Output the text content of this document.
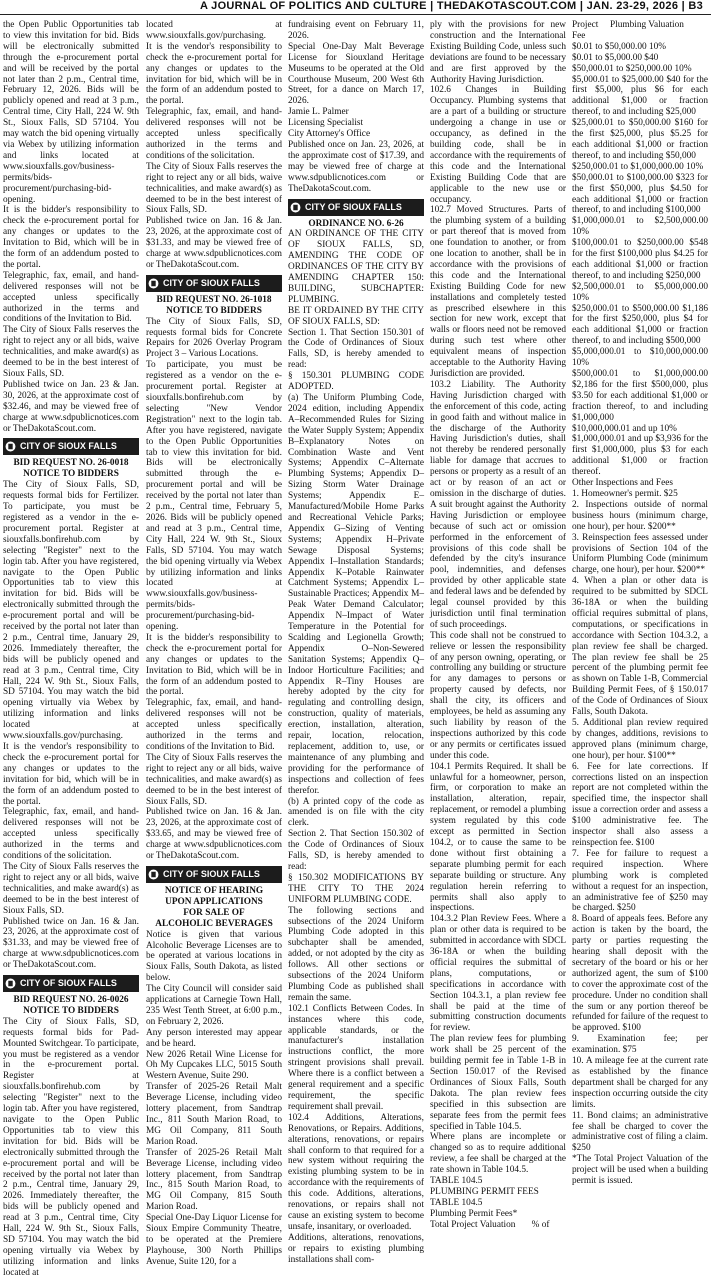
A JOURNAL OF POLITICS AND CULTURE | THEDAKOTASCOUT.COM | JAN. 23-29, 2026 | B3

the Open Public Opportunities tab to view this invitation for bid. Bids will be electronically submitted through the e-procurement portal and will be received by the portal not later than 2 p.m., Central time, February 12, 2026. Bids will be publicly opened and read at 3 p.m., Central time, City Hall, 224 W. 9th St., Sioux Falls, SD 57104. You may watch the bid opening virtually via Webex by utilizing information and links located at www.siouxfalls.gov/business-permits/bids-procurement/purchasing-bid-opening.

It is the bidder's responsibility to check the e-procurement portal for any changes or updates to the Invitation to Bid, which will be in the form of an addendum posted to the portal.

Telegraphic, fax, email, and hand-delivered responses will not be accepted unless specifically authorized in the terms and conditions of the Invitation to Bid.

The City of Sioux Falls reserves the right to reject any or all bids, waive technicalities, and make award(s) as deemed to be in the best interest of Sioux Falls, SD.

Published twice on Jan. 23 & Jan. 30, 2026, at the approximate cost of $32.46, and may be viewed free of charge at www.sdpublicnotices.com or TheDakotaScout.com.

CITY OF SIOUX FALLS

BID REQUEST NO. 26-0018

NOTICE TO BIDDERS

The City of Sioux Falls, SD, requests formal bids for Fertilizer. To participate, you must be registered as a vendor in the e-procurement portal. Register at siouxfalls.bonfirehub.com by selecting "Register" next to the login tab. After you have registered, navigate to the Open Public Opportunities tab to view this invitation for bid. Bids will be electronically submitted through the e-procurement portal and will be received by the portal not later than 2 p.m., Central time, January 29, 2026. Immediately thereafter, the bids will be publicly opened and read at 3 p.m., Central time, City Hall, 224 W. 9th St., Sioux Falls, SD 57104. You may watch the bid opening virtually via Webex by utilizing information and links located at www.siouxfalls.gov/purchasing.

It is the vendor's responsibility to check the e-procurement portal for any changes or updates to the invitation for bid, which will be in the form of an addendum posted to the portal.

Telegraphic, fax, email, and hand-delivered responses will not be accepted unless specifically authorized in the terms and conditions of the solicitation.

The City of Sioux Falls reserves the right to reject any or all bids, waive technicalities, and make award(s) as deemed to be in the best interest of Sioux Falls, SD.

Published twice on Jan. 16 & Jan. 23, 2026, at the approximate cost of $31.33, and may be viewed free of charge at www.sdpublicnotices.com or TheDakotaScout.com.

CITY OF SIOUX FALLS

BID REQUEST NO. 26-0026

NOTICE TO BIDDERS

The City of Sioux Falls, SD, requests formal bids for Pad-Mounted Switchgear. To participate, you must be registered as a vendor in the e-procurement portal. Register at siouxfalls.bonfirehub.com by selecting "Register" next to the login tab. After you have registered, navigate to the Open Public Opportunities tab to view this invitation for bid. Bids will be electronically submitted through the e-procurement portal and will be received by the portal not later than 2 p.m., Central time, January 29, 2026. Immediately thereafter, the bids will be publicly opened and read at 3 p.m., Central time, City Hall, 224 W. 9th St., Sioux Falls, SD 57104. You may watch the bid opening virtually via Webex by utilizing information and links located at

located at www.siouxfalls.gov/purchasing.

It is the vendor's responsibility to check the e-procurement portal for any changes or updates to the invitation for bid, which will be in the form of an addendum posted to the portal.

Telegraphic, fax, email, and hand-delivered responses will not be accepted unless specifically authorized in the terms and conditions of the solicitation.

The City of Sioux Falls reserves the right to reject any or all bids, waive technicalities, and make award(s) as deemed to be in the best interest of Sioux Falls, SD.

Published twice on Jan. 16 & Jan. 23, 2026, at the approximate cost of $31.33, and may be viewed free of charge at www.sdpublicnotices.com or TheDakotaScout.com.

CITY OF SIOUX FALLS

BID REQUEST NO. 26-1018

NOTICE TO BIDDERS

The City of Sioux Falls, SD, requests formal bids for Concrete Repairs for 2026 Overlay Program Project 3 – Various Locations.

To participate, you must be registered as a vendor on the e-procurement portal. Register at siouxfalls.bonfirehub.com by selecting "New Vendor Registration" next to the login tab. After you have registered, navigate to the Open Public Opportunities tab to view this invitation for bid. Bids will be electronically submitted through the e-procurement portal and will be received by the portal not later than 2 p.m., Central time, February 5, 2026. Bids will be publicly opened and read at 3 p.m., Central time, City Hall, 224 W. 9th St., Sioux Falls, SD 57104. You may watch the bid opening virtually via Webex by utilizing information and links located at www.siouxfalls.gov/business-permits/bids-procurement/purchasing-bid-opening.

It is the bidder's responsibility to check the e-procurement portal for any changes or updates to the Invitation to Bid, which will be in the form of an addendum posted to the portal.

Telegraphic, fax, email, and hand-delivered responses will not be accepted unless specifically authorized in the terms and conditions of the Invitation to Bid.

The City of Sioux Falls reserves the right to reject any or all bids, waive technicalities, and make award(s) as deemed to be in the best interest of Sioux Falls, SD.

Published twice on Jan. 16 & Jan. 23, 2026, at the approximate cost of $33.65, and may be viewed free of charge at www.sdpublicnotices.com or TheDakotaScout.com.

CITY OF SIOUX FALLS

NOTICE OF HEARING

UPON APPLICATIONS

FOR SALE OF

ALCOHOLIC BEVERAGES

Notice is given that various Alcoholic Beverage Licenses are to be operated at various locations in Sioux Falls, South Dakota, as listed below.

The City Council will consider said applications at Carnegie Town Hall, 235 West Tenth Street, at 6:00 p.m., on February 2, 2026.

Any person interested may appear and be heard.

New 2026 Retail Wine License for Oh My Cupcakes LLC, 5015 South Western Avenue, Suite 290.

Transfer of 2025-26 Retail Malt Beverage License, including video lottery placement, from Sandtrap Inc., 811 South Marion Road, to MG Oil Company, 811 South Marion Road.

Transfer of 2025-26 Retail Malt Beverage License, including video lottery placement, from Sandtrap Inc., 815 South Marion Road, to MG Oil Company, 815 South Marion Road.

Special One-Day Liquor License for Sioux Empire Community Theatre, to be operated at the Premiere Playhouse, 300 North Phillips Avenue, Suite 120, for a

fundraising event on February 11, 2026.

Special One-Day Malt Beverage License for Siouxland Heritage Museums to be operated at the Old Courthouse Museum, 200 West 6th Street, for a dance on March 17, 2026.

Jamie L. Palmer

Licensing Specialist

City Attorney's Office

Published once on Jan. 23, 2026, at the approximate cost of $17.39, and may be viewed free of charge at www.sdpublicnotices.com or TheDakotaScout.com.

CITY OF SIOUX FALLS

ORDINANCE NO. 6-26

AN ORDINANCE OF THE CITY OF SIOUX FALLS, SD, AMENDING THE CODE OF ORDINANCES OF THE CITY BY AMENDING CHAPTER 150: BUILDING, SUBCHAPTER: PLUMBING.

BE IT ORDAINED BY THE CITY OF SIOUX FALLS, SD:

Section 1. That Section 150.301 of the Code of Ordinances of Sioux Falls, SD, is hereby amended to read:

§ 150.301 PLUMBING CODE ADOPTED.

(a) The Uniform Plumbing Code, 2024 edition, including Appendix A–Recommended Rules for Sizing the Water Supply System; Appendix B–Explanatory Notes on Combination Waste and Vent Systems; Appendix C–Alternate Plumbing Systems; Appendix D–Sizing Storm Water Drainage Systems; Appendix E–Manufactured/Mobile Home Parks and Recreational Vehicle Parks; Appendix G–Sizing of Venting Systems; Appendix H–Private Sewage Disposal Systems; Appendix I–Installation Standards; Appendix K–Potable Rainwater Catchment Systems; Appendix L–Sustainable Practices; Appendix M–Peak Water Demand Calculator; Appendix N–Impact of Water Temperature in the Potential for Scalding and Legionella Growth; Appendix O–Non-Sewered Sanitation Systems; Appendix Q–Indoor Horticulture Facilities; and Appendix R–Tiny Houses are hereby adopted by the city for regulating and controlling design, construction, quality of materials, erection, installation, alteration, repair, location, relocation, replacement, addition to, use, or maintenance of any plumbing and providing for the performance of inspections and collection of fees therefor.

(b) A printed copy of the code as amended is on file with the city clerk.

Section 2. That Section 150.302 of the Code of Ordinances of Sioux Falls, SD, is hereby amended to read:

§ 150.302 MODIFICATIONS BY THE CITY TO THE 2024 UNIFORM PLUMBING CODE.

The following sections and subsections of the 2024 Uniform Plumbing Code adopted in this subchapter shall be amended, added, or not adopted by the city as follows. All other sections or subsections of the 2024 Uniform Plumbing Code as published shall remain the same.

102.1 Conflicts Between Codes. In instances where this code, applicable standards, or the manufacturer's installation instructions conflict, the more stringent provisions shall prevail. Where there is a conflict between a general requirement and a specific requirement, the specific requirement shall prevail.

102.4 Additions, Alterations, Renovations, or Repairs. Additions, alterations, renovations, or repairs shall conform to that required for a new system without requiring the existing plumbing system to be in accordance with the requirements of this code. Additions, alterations, renovations, or repairs shall not cause an existing system to become unsafe, insanitary, or overloaded.

Additions, alterations, renovations, or repairs to existing plumbing installations shall com-

ply with the provisions for new construction and the International Existing Building Code, unless such deviations are found to be necessary and are first approved by the Authority Having Jurisdiction.

102.6 Changes in Building Occupancy. Plumbing systems that are a part of a building or structure undergoing a change in use or occupancy, as defined in the building code, shall be in accordance with the requirements of this code and the International Existing Building Code that are applicable to the new use or occupancy.

102.7 Moved Structures. Parts of the plumbing system of a building or part thereof that is moved from one foundation to another, or from one location to another, shall be in accordance with the provisions of this code and the International Existing Building Code for new installations and completely tested as prescribed elsewhere in this section for new work, except that walls or floors need not be removed during such test where other equivalent means of inspection acceptable to the Authority Having Jurisdiction are provided.

103.2 Liability. The Authority Having Jurisdiction charged with the enforcement of this code, acting in good faith and without malice in the discharge of the Authority Having Jurisdiction's duties, shall not thereby be rendered personally liable for damage that accrues to persons or property as a result of an act or by reason of an act or omission in the discharge of duties. A suit brought against the Authority Having Jurisdiction or employee because of such act or omission performed in the enforcement of provisions of this code shall be defended by the city's insurance pool, indemnities, and defenses provided by other applicable state and federal laws and be defended by legal counsel provided by this jurisdiction until final termination of such proceedings.

This code shall not be construed to relieve or lessen the responsibility of any person owning, operating, or controlling any building or structure for any damages to persons or property caused by defects, nor shall the city, its officers and employees, be held as assuming any such liability by reason of the inspections authorized by this code or any permits or certificates issued under this code.

104.1 Permits Required. It shall be unlawful for a homeowner, person, firm, or corporation to make an installation, alteration, repair, replacement, or remodel a plumbing system regulated by this code except as permitted in Section 104.2, or to cause the same to be done without first obtaining a separate plumbing permit for each separate building or structure. Any regulation herein referring to permits shall also apply to inspections.

104.3.2 Plan Review Fees. Where a plan or other data is required to be submitted in accordance with SDCL 36-18A or when the building official requires the submittal of plans, computations, or specifications in accordance with Section 104.3.1, a plan review fee shall be paid at the time of submitting construction documents for review.

The plan review fees for plumbing work shall be 25 percent of the building permit fee in Table 1-B in Section 150.017 of the Revised Ordinances of Sioux Falls, South Dakota. The plan review fees specified in this subsection are separate fees from the permit fees specified in Table 104.5.

Where plans are incomplete or changed so as to require additional review, a fee shall be charged at the rate shown in Table 104.5.

TABLE 104.5

PLUMBING PERMIT FEES

TABLE 104.5

Plumbing Permit Fees*

Total Project Valuation       % of

Project     Plumbing Valuation

Fee

$0.01 to $50,000.00 10%

$0.01 to $5,000.00 $40

$50,000.01 to $250,000.00 10%

$5,000.01 to $25,000.00 $40 for the first $5,000, plus $6 for each additional $1,000 or fraction thereof, to and including $25,000

$25,000.01 to $50,000.00 $160 for the first $25,000, plus $5.25 for each additional $1,000 or fraction thereof, to and including $50,000

$250,000.01 to $1,000,000.00 10%

$50,000.01 to $100,000.00 $323 for the first $50,000, plus $4.50 for each additional $1,000 or fraction thereof, to and including $100,000

$1,000,000.01 to $2,500,000.00 10%

$100,000.01 to $250,000.00 $548 for the first $100,000 plus $4.25 for each additional $1,000 or fraction thereof, to and including $250,000

$2,500,000.01 to $5,000,000.00 10%

$250,000.01 to $500,000.00 $1,186 for the first $250,000, plus $4 for each additional $1,000 or fraction thereof, to and including $500,000

$5,000,000.01 to $10,000,000.00 10%

$500,000.01 to $1,000,000.00 $2,186 for the first $500,000, plus $3.50 for each additional $1,000 or fraction thereof, to and including $1,000,000

$10,000,000.01 and up 10%

$1,000,000.01 and up $3,936 for the first $1,000,000, plus $3 for each additional $1,000 or fraction thereof.

Other Inspections and Fees

1. Homeowner's permit. $25

2. Inspections outside of normal business hours (minimum charge, one hour), per hour. $200**

3. Reinspection fees assessed under provisions of Section 104 of the Uniform Plumbing Code (minimum charge, one hour), per hour. $200**

4. When a plan or other data is required to be submitted by SDCL 36-18A or when the building official requires submittal of plans, computations, or specifications in accordance with Section 104.3.2, a plan review fee shall be charged. The plan review fee shall be 25 percent of the plumbing permit fee as shown on Table 1-B, Commercial Building Permit Fees, of § 150.017 of the Code of Ordinances of Sioux Falls, South Dakota.

5. Additional plan review required by changes, additions, revisions to approved plans (minimum charge, one hour), per hour. $100**

6. Fee for late corrections. If corrections listed on an inspection report are not completed within the specified time, the inspector shall issue a correction order and assess a $100 administrative fee. The inspector shall also assess a reinspection fee. $100

7. Fee for failure to request a required inspection. Where plumbing work is completed without a request for an inspection, an administrative fee of $250 may be charged. $250

8. Board of appeals fees. Before any action is taken by the board, the party or parties requesting the hearing shall deposit with the secretary of the board or his or her authorized agent, the sum of $100 to cover the approximate cost of the procedure. Under no condition shall the sum or any portion thereof be refunded for failure of the request to be approved. $100

9. Examination fee; per examination. $75

10. A mileage fee at the current rate as established by the finance department shall be charged for any inspection occurring outside the city limits.

11. Bond claims; an administrative fee shall be charged to cover the administrative cost of filing a claim. $250

*The Total Project Valuation of the project will be used when a building permit is issued.
